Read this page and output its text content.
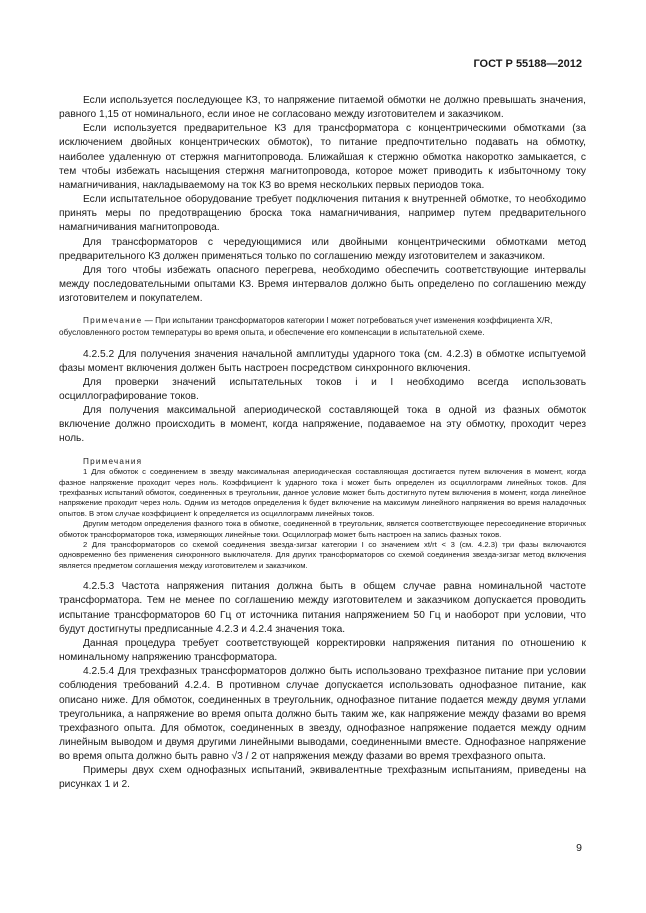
ГОСТ Р 55188—2012

Если используется последующее КЗ, то напряжение питаемой обмотки не должно превышать значения, равного 1,15 от номинального, если иное не согласовано между изготовителем и заказчиком.

Если используется предварительное КЗ для трансформатора с концентрическими обмотками (за исключением двойных концентрических обмоток), то питание предпочтительно подавать на обмотку, наиболее удаленную от стержня магнитопровода. Ближайшая к стержню обмотка накоротко замыкается, с тем чтобы избежать насыщения стержня магнитопровода, которое может приводить к избыточному току намагничивания, накладываемому на ток КЗ во время нескольких первых периодов тока.

Если испытательное оборудование требует подключения питания к внутренней обмотке, то необходимо принять меры по предотвращению броска тока намагничивания, например путем предварительного намагничивания магнитопровода.

Для трансформаторов с чередующимися или двойными концентрическими обмотками метод предварительного КЗ должен применяться только по соглашению между изготовителем и заказчиком.

Для того чтобы избежать опасного перегрева, необходимо обеспечить соответствующие интервалы между последовательными опытами КЗ. Время интервалов должно быть определено по соглашению между изготовителем и покупателем.

Примечание — При испытании трансформаторов категории I может потребоваться учет изменения коэффициента X/R, обусловленного ростом температуры во время опыта, и обеспечение его компенсации в испытательной схеме.

4.2.5.2 Для получения значения начальной амплитуды ударного тока (см. 4.2.3) в обмотке испытуемой фазы момент включения должен быть настроен посредством синхронного включения.

Для проверки значений испытательных токов i и I необходимо всегда использовать осциллографирование токов.

Для получения максимальной апериодической составляющей тока в одной из фазных обмоток включение должно происходить в момент, когда напряжение, подаваемое на эту обмотку, проходит через ноль.

Примечания

1 Для обмоток с соединением в звезду максимальная апериодическая составляющая достигается путем включения в момент, когда фазное напряжение проходит через ноль. Коэффициент k ударного тока i может быть определен из осциллограмм линейных токов. Для трехфазных испытаний обмоток, соединенных в треугольник, данное условие может быть достигнуто путем включения в момент, когда линейное напряжение проходит через ноль. Одним из методов определения k будет включение на максимум линейного напряжения во время наладочных опытов. В этом случае коэффициент k определяется из осциллограмм линейных токов.

Другим методом определения фазного тока в обмотке, соединенной в треугольник, является соответствующее пересоединение вторичных обмоток трансформаторов тока, измеряющих линейные токи. Осциллограф может быть настроен на запись фазных токов.

2 Для трансформаторов со схемой соединения звезда-зигзаг категории I со значением xt/rt < 3 (см. 4.2.3) три фазы включаются одновременно без применения синхронного выключателя. Для других трансформаторов со схемой соединения звезда-зигзаг метод включения является предметом соглашения между изготовителем и заказчиком.

4.2.5.3 Частота напряжения питания должна быть в общем случае равна номинальной частоте трансформатора. Тем не менее по соглашению между изготовителем и заказчиком допускается проводить испытание трансформаторов 60 Гц от источника питания напряжением 50 Гц и наоборот при условии, что будут достигнуты предписанные 4.2.3 и 4.2.4 значения тока.

Данная процедура требует соответствующей корректировки напряжения питания по отношению к номинальному напряжению трансформатора.

4.2.5.4 Для трехфазных трансформаторов должно быть использовано трехфазное питание при условии соблюдения требований 4.2.4. В противном случае допускается использовать однофазное питание, как описано ниже. Для обмоток, соединенных в треугольник, однофазное питание подается между двумя углами треугольника, а напряжение во время опыта должно быть таким же, как напряжение между фазами во время трехфазного опыта. Для обмоток, соединенных в звезду, однофазное напряжение подается между одним линейным выводом и двумя другими линейными выводами, соединенными вместе. Однофазное напряжение во время опыта должно быть равно √3 / 2 от напряжения между фазами во время трехфазного опыта.

Примеры двух схем однофазных испытаний, эквивалентные трехфазным испытаниям, приведены на рисунках 1 и 2.

9
